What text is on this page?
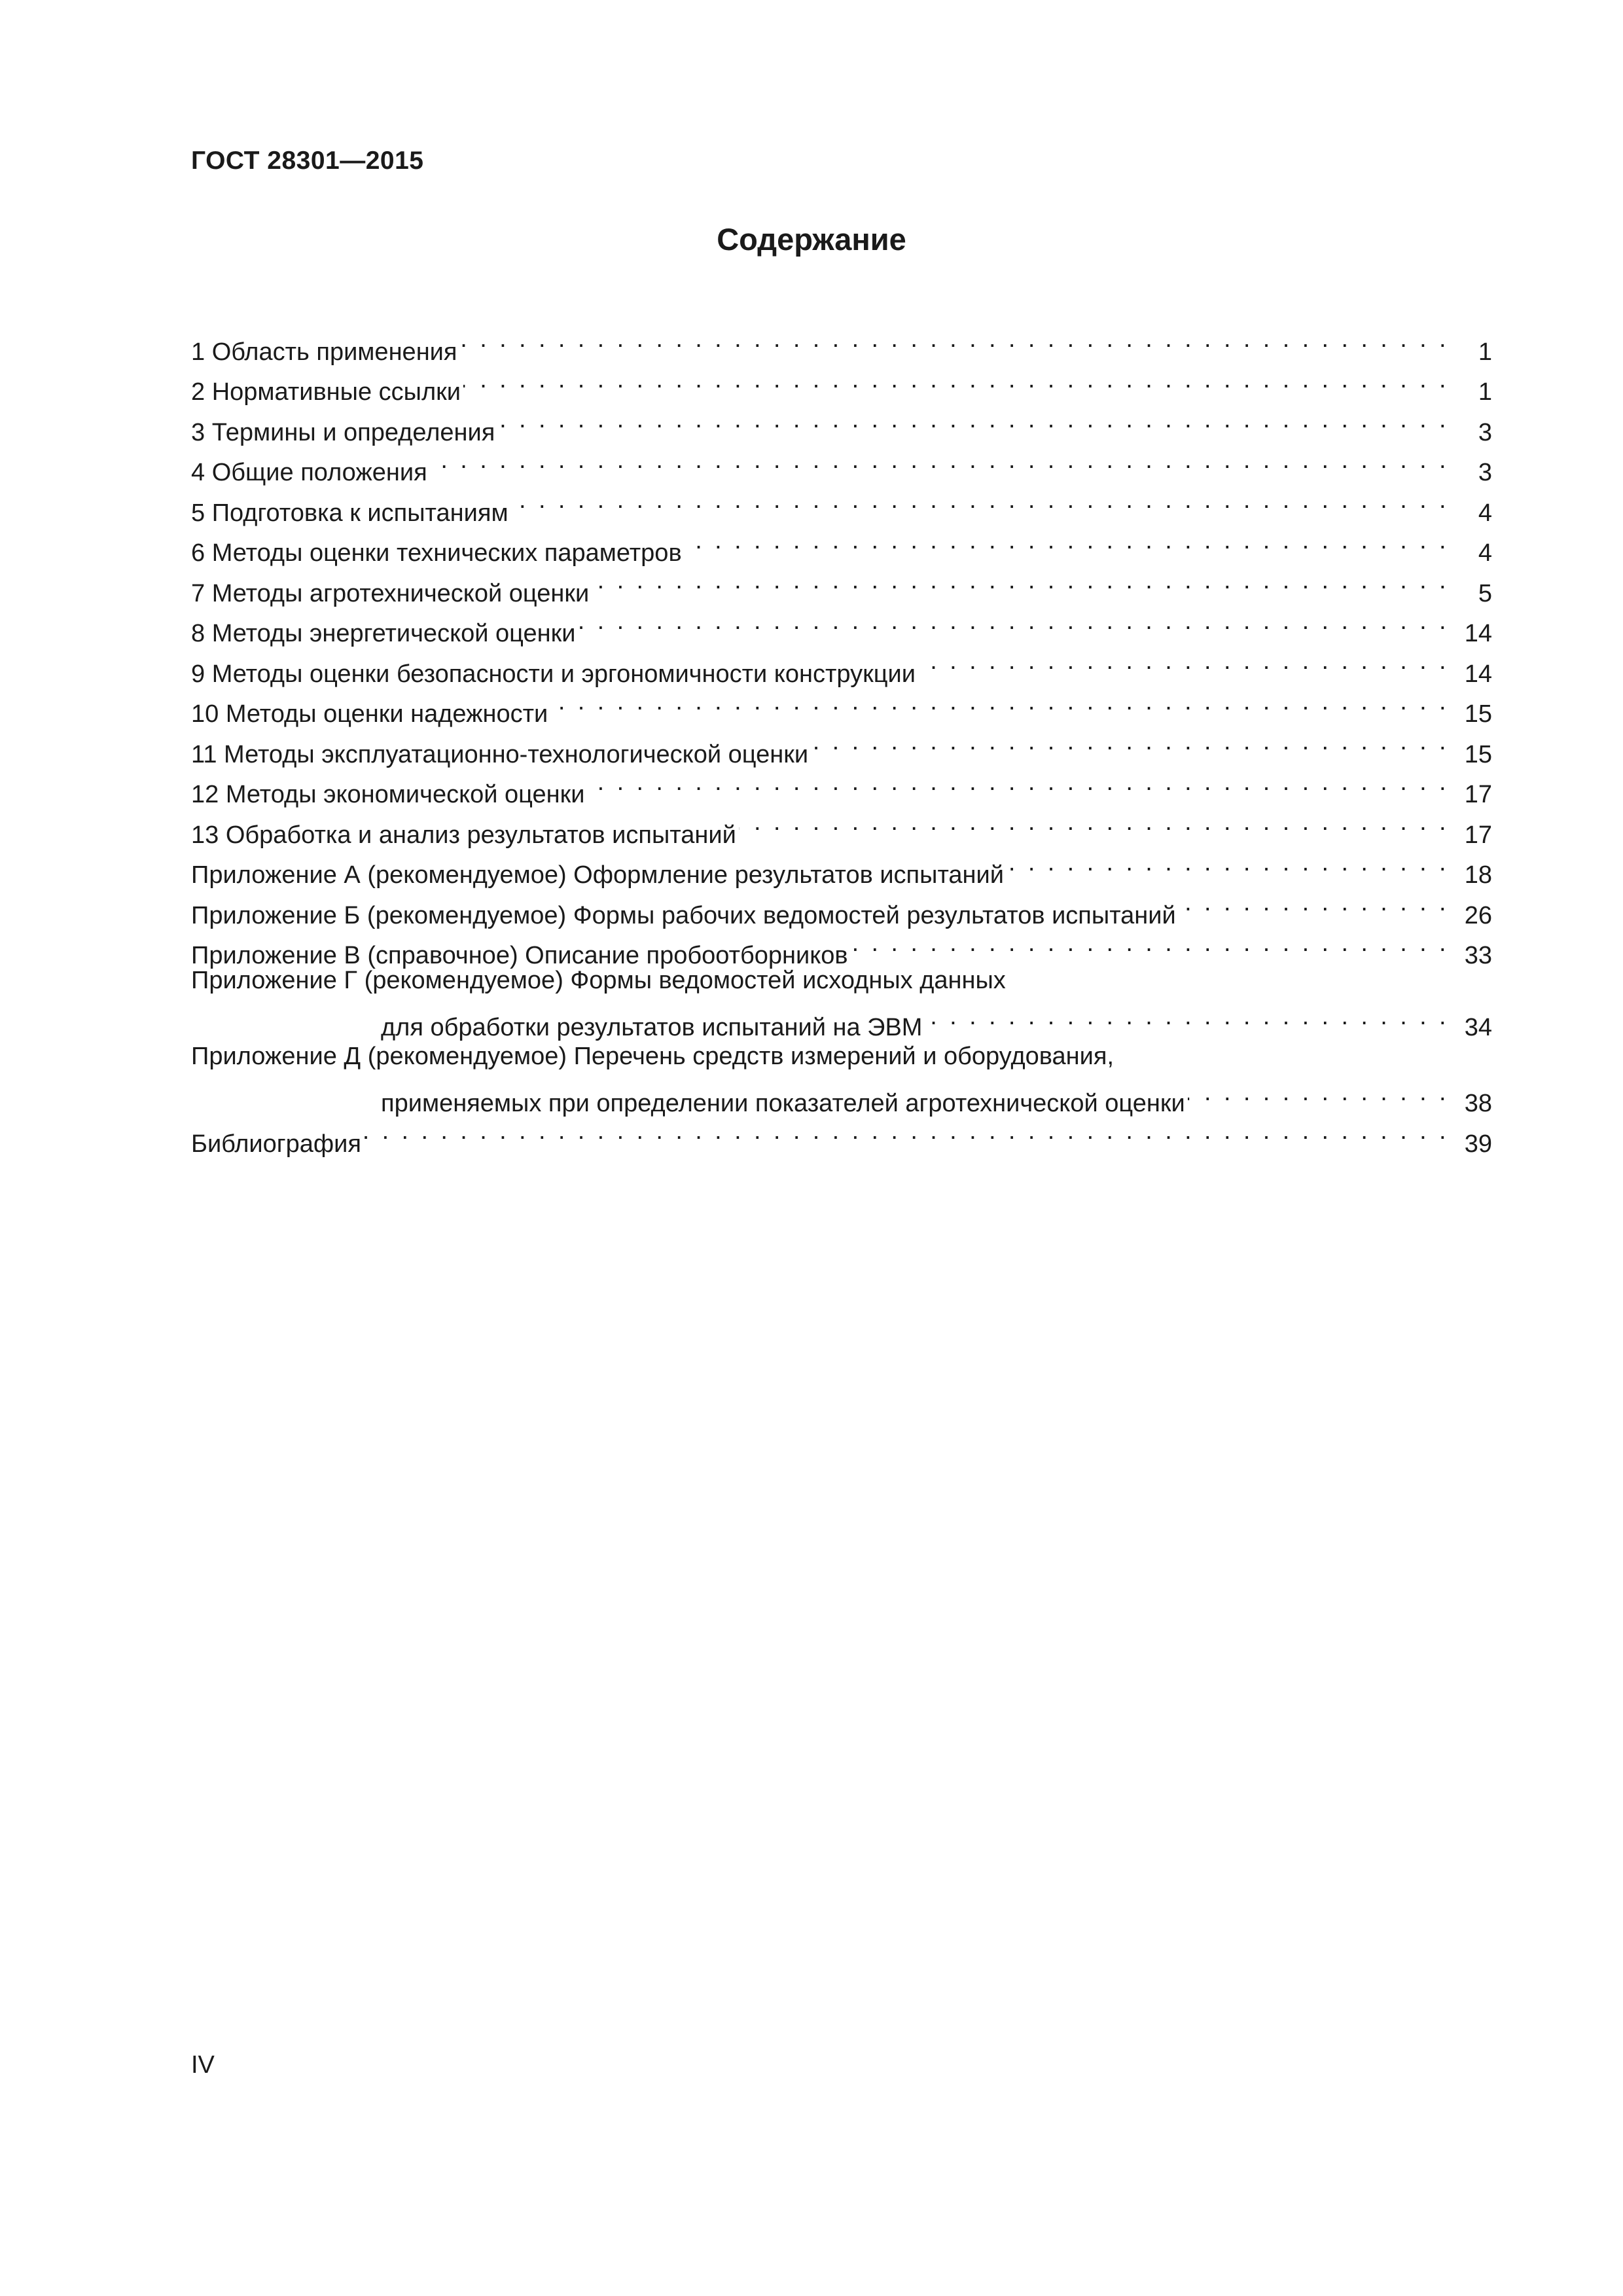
ГОСТ 28301—2015
Содержание
1 Область применения . . .	1
2 Нормативные ссылки . . .	1
3 Термины и определения . . .	3
4 Общие положения . . .	3
5 Подготовка к испытаниям . . .	4
6 Методы оценки технических параметров . . .	4
7 Методы агротехнической оценки . . .	5
8 Методы энергетической оценки . . .	14
9 Методы оценки безопасности и эргономичности конструкции . . .	14
10 Методы оценки надежности . . .	15
11 Методы эксплуатационно-технологической оценки . . .	15
12 Методы экономической оценки . . .	17
13 Обработка и анализ результатов испытаний . . .	17
Приложение А (рекомендуемое) Оформление результатов испытаний . . .	18
Приложение Б (рекомендуемое) Формы рабочих ведомостей результатов испытаний . . .	26
Приложение В (справочное) Описание пробоотборников . . .	33
Приложение Г (рекомендуемое) Формы ведомостей исходных данных
для обработки результатов испытаний на ЭВМ . . .	34
Приложение Д (рекомендуемое) Перечень средств измерений и оборудования,
применяемых при определении показателей агротехнической оценки . . .	38
Библиография . . .	39
IV
